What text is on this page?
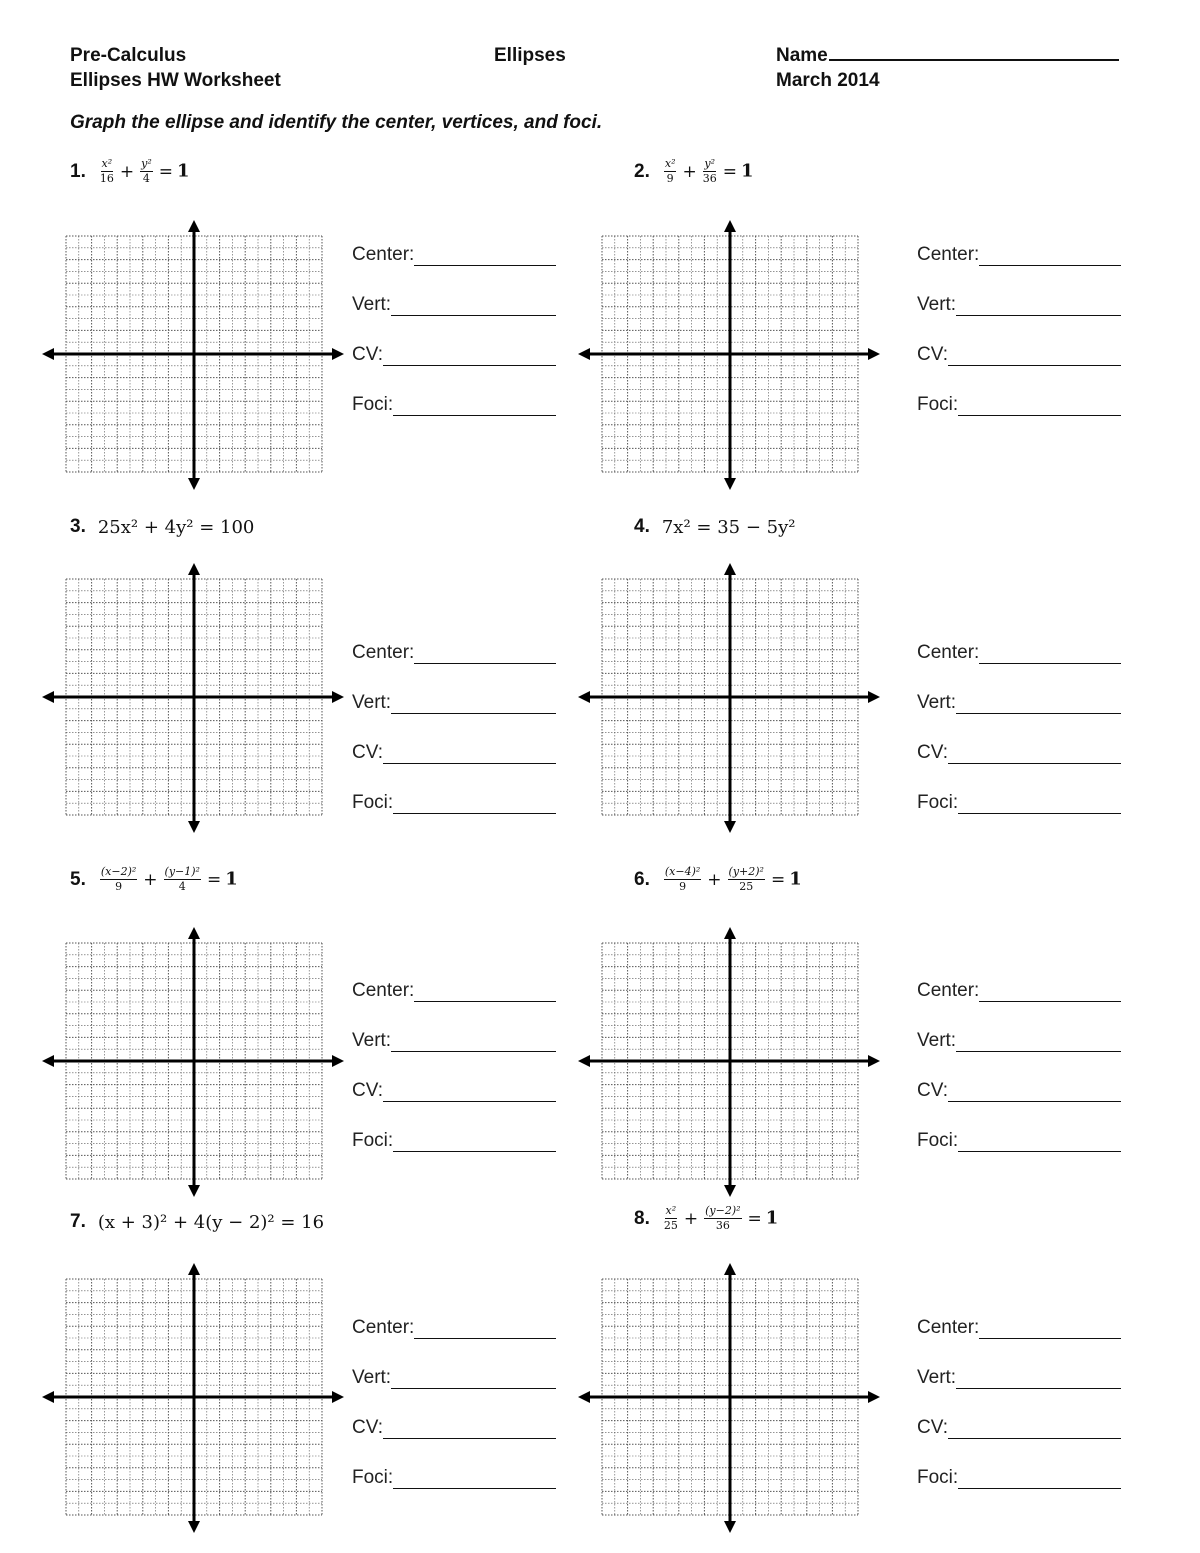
Pre-Calculus
Ellipses HW Worksheet
Ellipses	Name
March 2014
Graph the ellipse and identify the center, vertices, and foci.
1. $\frac{\text{x²}}{16} + \frac{\text{y²}}{4} = 1$	2. $\frac{\text{x²}}{9} + \frac{\text{y²}}{36} = 1$
3. 25x² + 4y² = 100	4. 7x² = 35 − 5y²
5. $\frac{\text{(x−2)²}}{9} + \frac{\text{(y−1)²}}{4} = 1$	6. $\frac{\text{(x−4)²}}{9} + \frac{\text{(y+2)²}}{25} = 1$
7. (x + 3)² + 4(y − 2)² = 16	8. $\frac{\text{x²}}{25} + \frac{\text{(y−2)²}}{36} = 1$
Center:
Vert:
CV:
Foci:
Center:
Vert:
CV:
Foci:
Center:
Vert:
CV:
Foci:
Center:
Vert:
CV:
Foci:
Center:
Vert:
CV:
Foci:
Center:
Vert:
CV:
Foci:
Center:
Vert:
CV:
Foci:
Center:
Vert:
CV:
Foci:
